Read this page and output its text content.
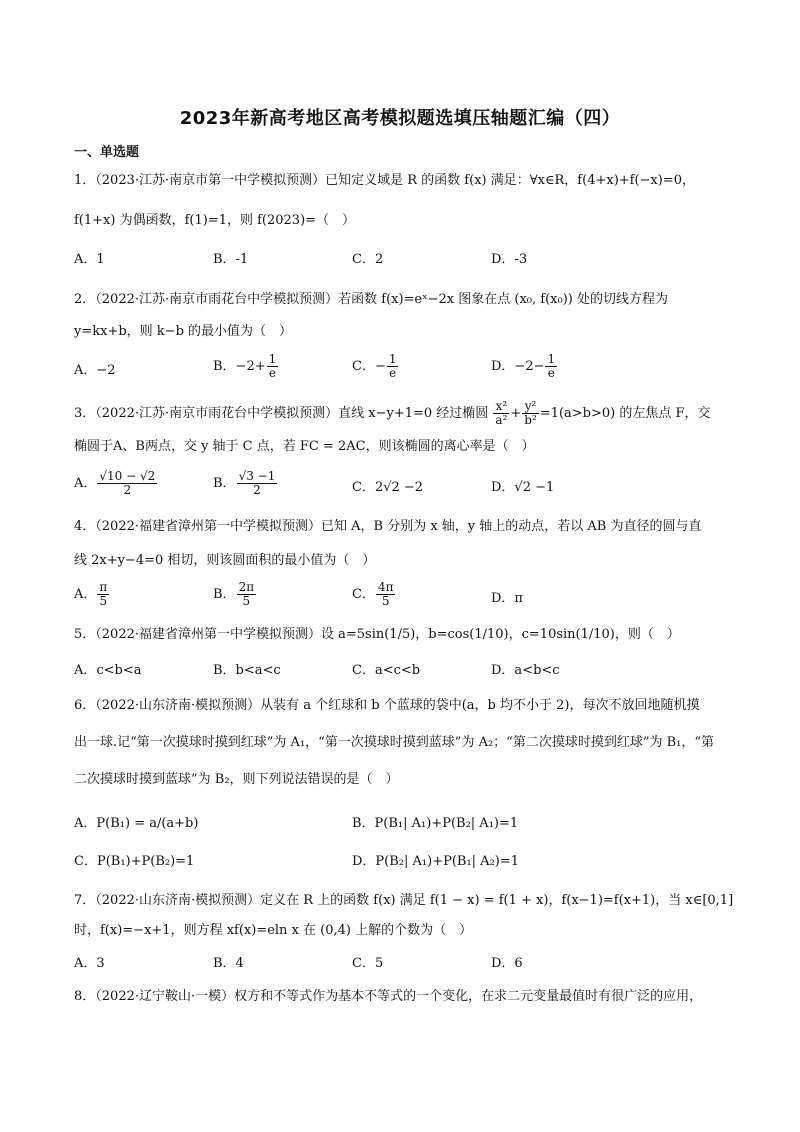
2023年新高考地区高考模拟题选填压轴题汇编（四）
一、单选题
1．（2023·江苏·南京市第一中学模拟预测）已知定义域是 R 的函数 f(x) 满足：∀x∈R，f(4+x)+f(−x)=0，
f(1+x) 为偶函数，f(1)=1，则 f(2023)=（　）
A．1	B．-1	C．2	D．-3
2．（2022·江苏·南京市雨花台中学模拟预测）若函数 f(x)=eˣ−2x 图象在点 (x₀, f(x₀)) 处的切线方程为
y=kx+b，则 k−b 的最小值为（　）
A．−2	B．$-2+ \frac{1}{e}$	C．− $\frac{1}{e}$	D．$-2- \frac{1}{e}$
3．（2022·江苏·南京市雨花台中学模拟预测）直线 x−y+1=0 经过椭圆 $\frac{\text{x²}}{\text{a²}} + \frac{\text{y²}}{\text{b²}} =1(a>b>0)$ 的左焦点 F，交
椭圆于A、B两点，交 y 轴于 C 点，若 FC = 2AC，则该椭圆的离心率是（　）
A． $\frac{√10 - √2}{2}$	B． $\frac{√3 -1}{2}$	C．2√2 −2	D．√2 −1
4．（2022·福建省漳州第一中学模拟预测）已知 A，B 分别为 x 轴，y 轴上的动点，若以 AB 为直径的圆与直
线 2x+y−4=0 相切，则该圆面积的最小值为（　）
A． $\frac{\pi}{5}$	B． $\frac{2\pi}{5}$	C． $\frac{4\pi}{5}$	D．π
5．（2022·福建省漳州第一中学模拟预测）设 a=5sin(1/5)，b=cos(1/10)，c=10sin(1/10)，则（　）
A．c<b<a	B．b<a<c	C．a<c<b	D．a<b<c
6．（2022·山东济南·模拟预测）从装有 a 个红球和 b 个蓝球的袋中(a，b 均不小于 2)，每次不放回地随机摸
出一球.记“第一次摸球时摸到红球”为 A₁，“第一次摸球时摸到蓝球”为 A₂；“第二次摸球时摸到红球”为 B₁，“第
二次摸球时摸到蓝球”为 B₂，则下列说法错误的是（　）
A．P(B₁) = a/(a+b)	B．P(B₁| A₁)+P(B₂| A₁)=1
C．P(B₁)+P(B₂)=1	D．P(B₂| A₁)+P(B₁| A₂)=1
7．（2022·山东济南·模拟预测）定义在 R 上的函数 f(x) 满足 f(1 − x) = f(1 + x)，f(x−1)=f(x+1)，当 x∈[0,1]
时，f(x)=−x+1，则方程 xf(x)=eln x 在 (0,4) 上解的个数为（　）
A．3	B．4	C．5	D．6
8．（2022·辽宁鞍山·一模）权方和不等式作为基本不等式的一个变化，在求二元变量最值时有很广泛的应用，
